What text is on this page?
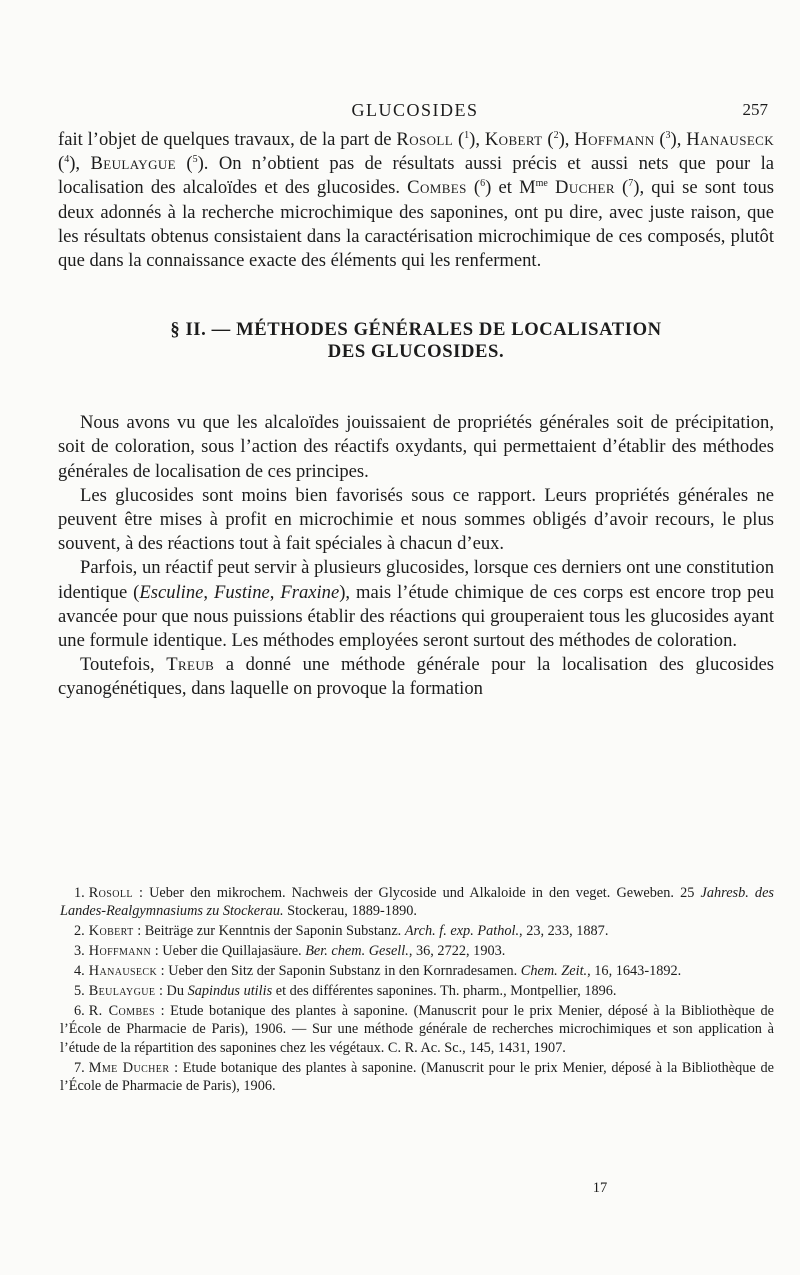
GLUCOSIDES	257

fait l’objet de quelques travaux, de la part de Rosoll ($^1$), Kobert ($^2$), Hoffmann ($^3$), Hanauseck ($^4$), Beulaygue ($^5$). On n’obtient pas de résultats aussi précis et aussi nets que pour la localisation des alcaloïdes et des glucosides. Combes ($^6$) et $M^{me}$ Ducher ($^7$), qui se sont tous deux adonnés à la recherche microchimique des saponines, ont pu dire, avec juste raison, que les résultats obtenus consistaient dans la caractérisation microchimique de ces composés, plutôt que dans la connaissance exacte des éléments qui les renferment.

§ II. — MÉTHODES GÉNÉRALES DE LOCALISATION
DES GLUCOSIDES.

Nous avons vu que les alcaloïdes jouissaient de propriétés générales soit de précipitation, soit de coloration, sous l’action des réactifs oxydants, qui permettaient d’établir des méthodes générales de localisation de ces principes.

Les glucosides sont moins bien favorisés sous ce rapport. Leurs propriétés générales ne peuvent être mises à profit en microchimie et nous sommes obligés d’avoir recours, le plus souvent, à des réactions tout à fait spéciales à chacun d’eux.

Parfois, un réactif peut servir à plusieurs glucosides, lorsque ces derniers ont une constitution identique (Esculine, Fustine, Fraxine), mais l’étude chimique de ces corps est encore trop peu avancée pour que nous puissions établir des réactions qui grouperaient tous les glucosides ayant une formule identique. Les méthodes employées seront surtout des méthodes de coloration.

Toutefois, Treub a donné une méthode générale pour la localisation des glucosides cyanogénétiques, dans laquelle on provoque la formation

1. Rosoll : Ueber den mikrochem. Nachweis der Glycoside und Alkaloide in den veget. Geweben. 25 Jahresb. des Landes-Realgymnasiums zu Stockerau. Stockerau, 1889-1890.

2. Kobert : Beiträge zur Kenntnis der Saponin Substanz. Arch. f. exp. Pathol., 23, 233, 1887.

3. Hoffmann : Ueber die Quillajasäure. Ber. chem. Gesell., 36, 2722, 1903.

4. Hanauseck : Ueber den Sitz der Saponin Substanz in den Kornradesamen. Chem. Zeit., 16, 1643-1892.

5. Beulaygue : Du Sapindus utilis et des différentes saponines. Th. pharm., Montpellier, 1896.

6. R. Combes : Etude botanique des plantes à saponine. (Manuscrit pour le prix Menier, déposé à la Bibliothèque de l’École de Pharmacie de Paris), 1906. — Sur une méthode générale de recherches microchimiques et son application à l’étude de la répartition des saponines chez les végétaux. C. R. Ac. Sc., 145, 1431, 1907.

7. Mme Ducher : Etude botanique des plantes à saponine. (Manuscrit pour le prix Menier, déposé à la Bibliothèque de l’École de Pharmacie de Paris), 1906.

17
